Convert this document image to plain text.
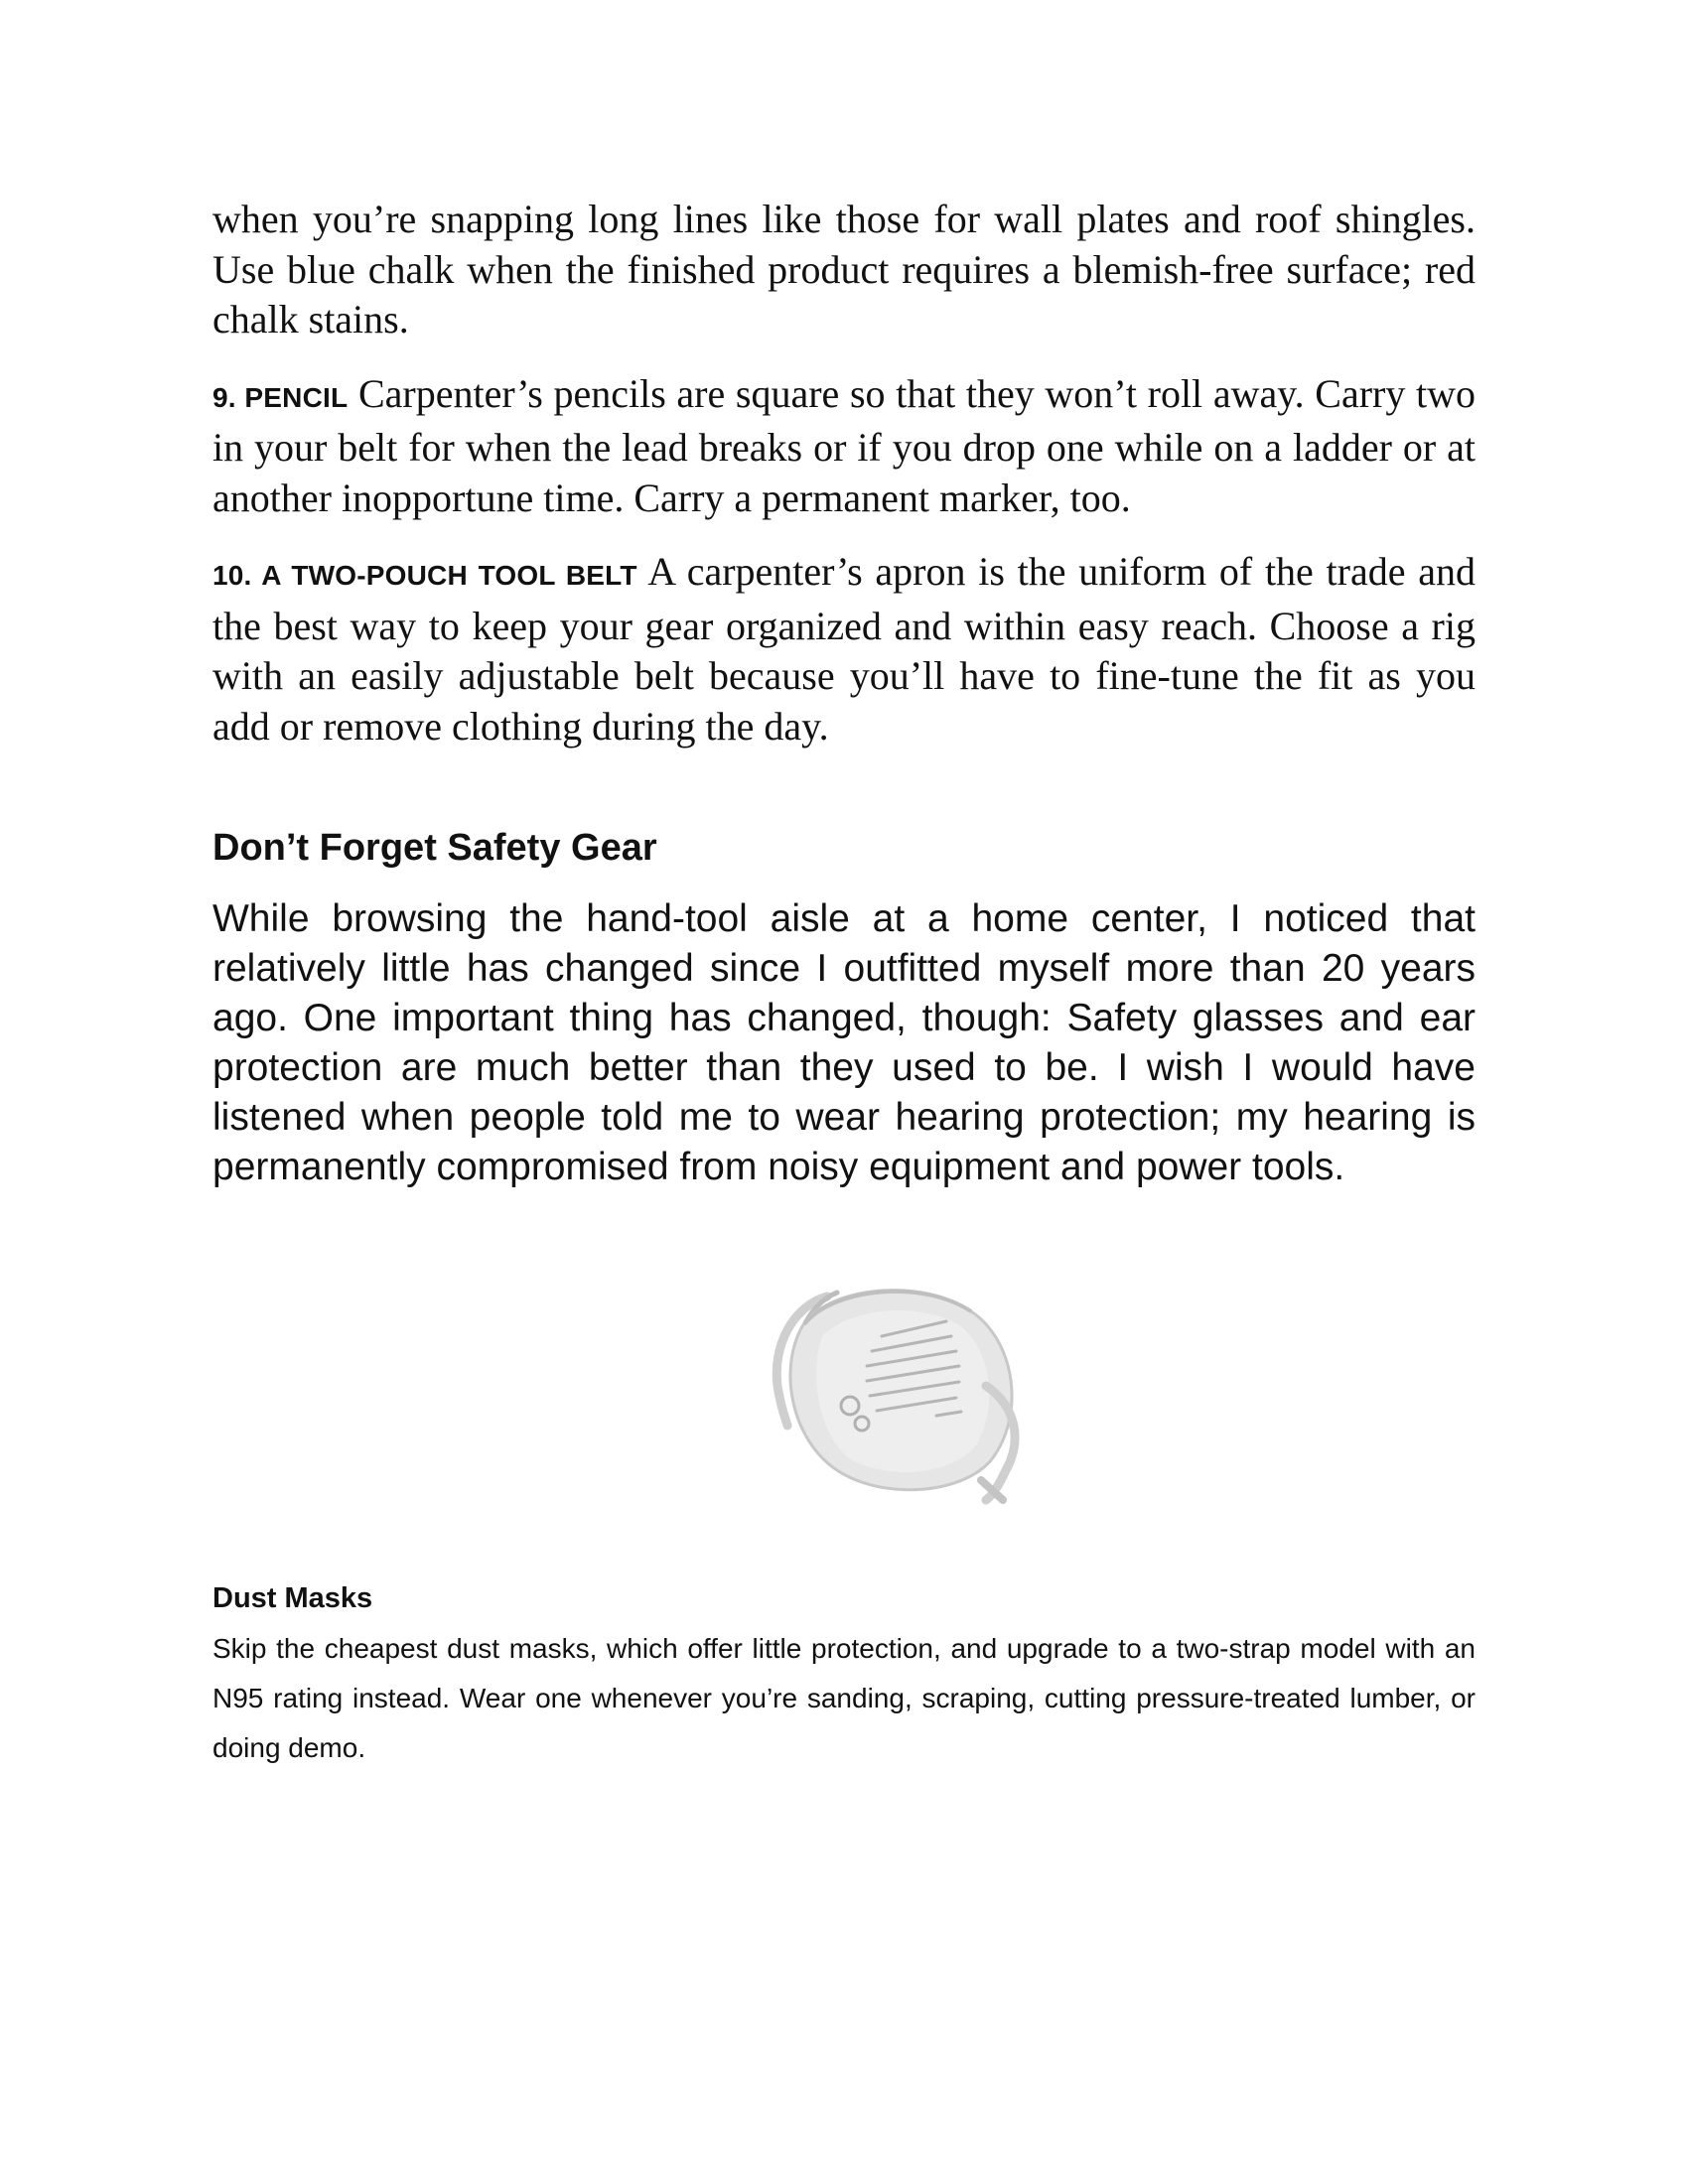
when you’re snapping long lines like those for wall plates and roof shingles. Use blue chalk when the finished product requires a blemish-free surface; red chalk stains.

9. PENCIL Carpenter’s pencils are square so that they won’t roll away. Carry two in your belt for when the lead breaks or if you drop one while on a ladder or at another inopportune time. Carry a permanent marker, too.

10. A TWO-POUCH TOOL BELT A carpenter’s apron is the uniform of the trade and the best way to keep your gear organized and within easy reach. Choose a rig with an easily adjustable belt because you’ll have to fine-tune the fit as you add or remove clothing during the day.

Don’t Forget Safety Gear

While browsing the hand-tool aisle at a home center, I noticed that relatively little has changed since I outfitted myself more than 20 years ago. One important thing has changed, though: Safety glasses and ear protection are much better than they used to be. I wish I would have listened when people told me to wear hearing protection; my hearing is permanently compromised from noisy equipment and power tools.

Dust Masks

Skip the cheapest dust masks, which offer little protection, and upgrade to a two-strap model with an N95 rating instead. Wear one whenever you’re sanding, scraping, cutting pressure-treated lumber, or doing demo.
